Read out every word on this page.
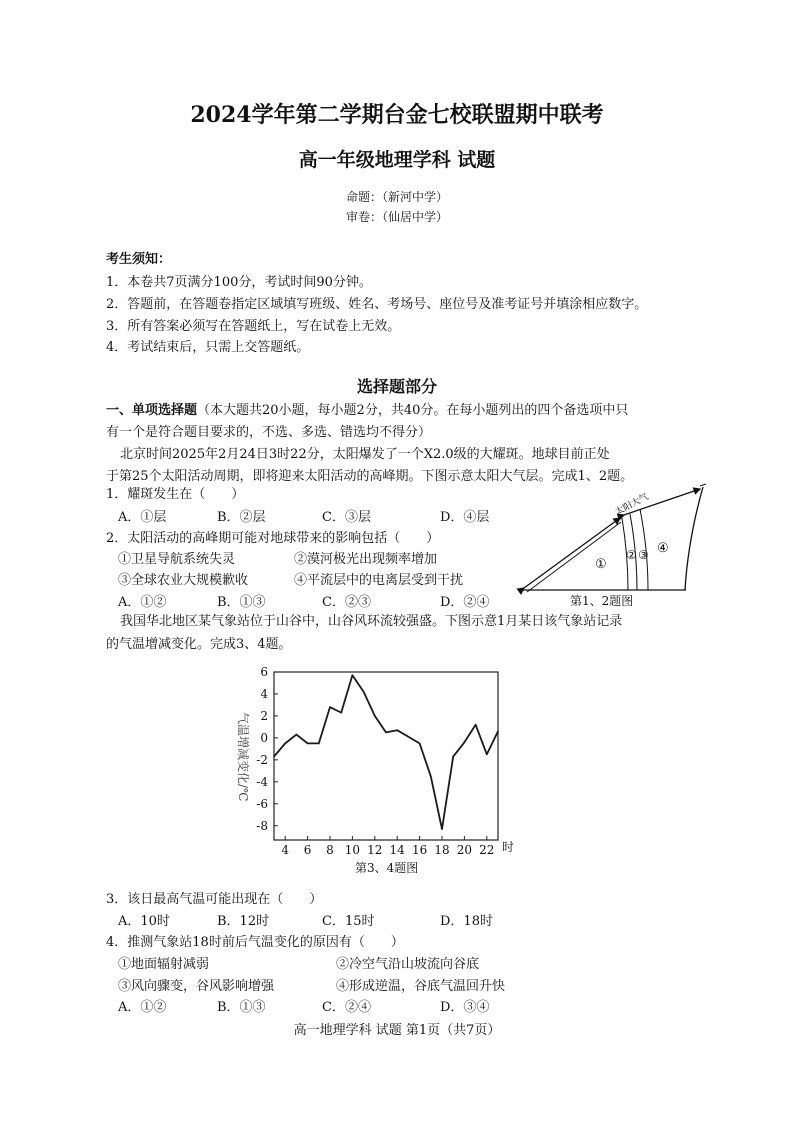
2024学年第二学期台金七校联盟期中联考
高一年级地理学科 试题
命题：（新河中学）
审卷：（仙居中学）
考生须知：
1．本卷共7页满分100分，考试时间90分钟。
2．答题前，在答题卷指定区域填写班级、姓名、考场号、座位号及准考证号并填涂相应数字。
3．所有答案必须写在答题纸上，写在试卷上无效。
4．考试结束后，只需上交答题纸。
选择题部分
一、单项选择题（本大题共20小题，每小题2分，共40分。在每小题列出的四个备选项中只
有一个是符合题目要求的，不选、多选、错选均不得分）
北京时间2025年2月24日3时22分，太阳爆发了一个X2.0级的大耀斑。地球目前正处
于第25个太阳活动周期，即将迎来太阳活动的高峰期。下图示意太阳大气层。完成1、2题。
1．耀斑发生在（　　）
A．①层	B．②层	C．③层	D．④层
2．太阳活动的高峰期可能对地球带来的影响包括（　　）
①卫星导航系统失灵	②漠河极光出现频率增加
③全球农业大规模歉收	④平流层中的电离层受到干扰
A．①②	B．①③	C．②③	D．②④
太阳大气
①
② ③ ④
第1、2题图
我国华北地区某气象站位于山谷中，山谷风环流较强盛。下图示意1月某日该气象站记录
的气温增减变化。完成3、4题。
气温增减变化/℃
时
第3、4题图
6
4
2
0
-2
-4
-6
-8
4	6	8 10 12 14 16 18 20 22
3．该日最高气温可能出现在（　　）
A．10时	B．12时	C．15时	D．18时
4．推测气象站18时前后气温变化的原因有（　　）
①地面辐射减弱	②冷空气沿山坡流向谷底
③风向骤变，谷风影响增强	④形成逆温，谷底气温回升快
A．①②	B．①③	C．②④	D．③④
高一地理学科 试题 第1页（共7页）
